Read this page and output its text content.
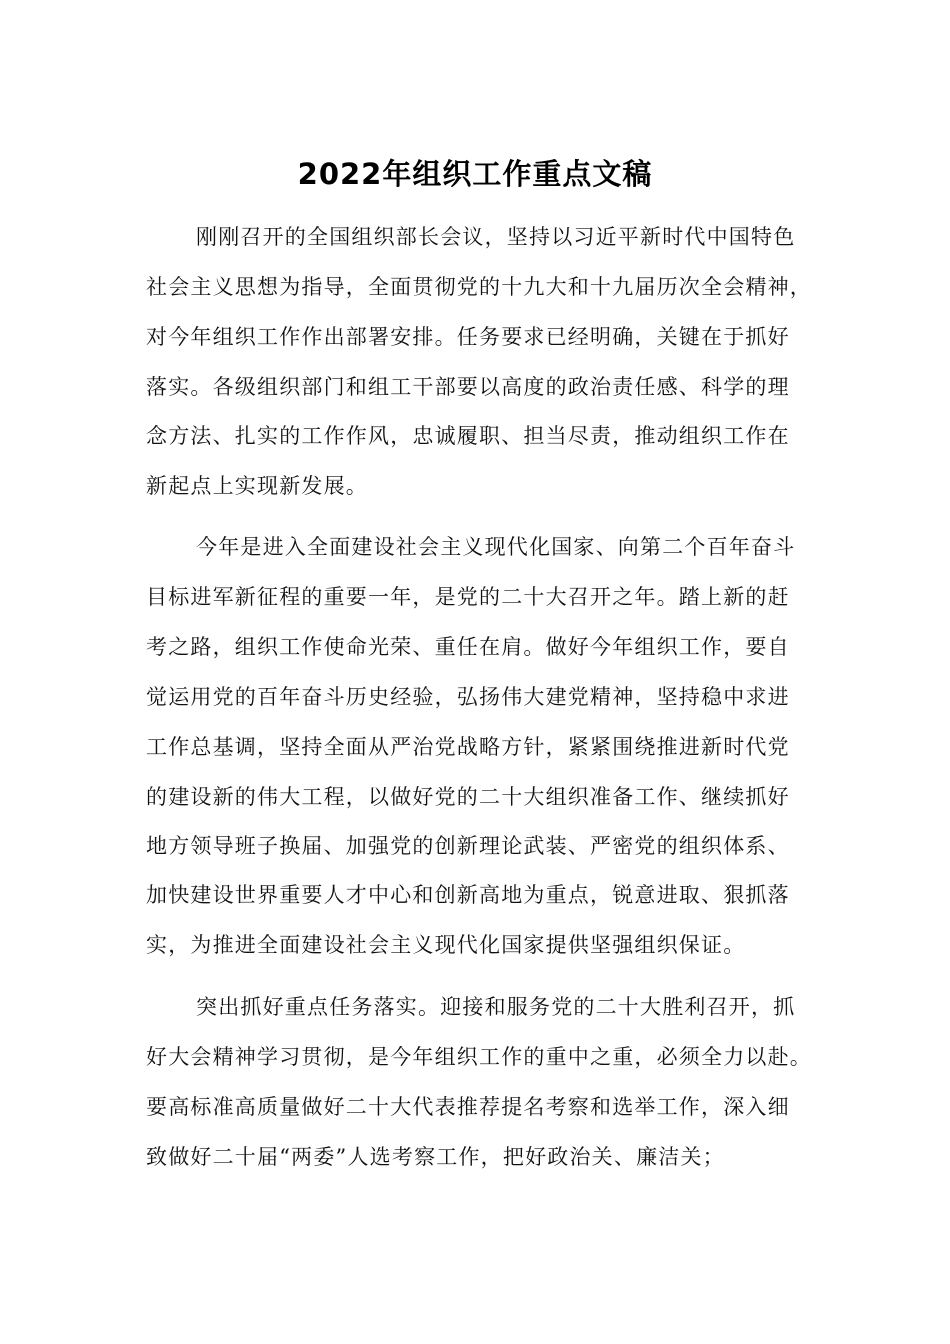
2022年组织工作重点文稿
刚刚召开的全国组织部长会议，坚持以习近平新时代中国特色
社会主义思想为指导，全面贯彻党的十九大和十九届历次全会精神，
对今年组织工作作出部署安排。任务要求已经明确，关键在于抓好
落实。各级组织部门和组工干部要以高度的政治责任感、科学的理
念方法、扎实的工作作风，忠诚履职、担当尽责，推动组织工作在
新起点上实现新发展。
今年是进入全面建设社会主义现代化国家、向第二个百年奋斗
目标进军新征程的重要一年，是党的二十大召开之年。踏上新的赶
考之路，组织工作使命光荣、重任在肩。做好今年组织工作，要自
觉运用党的百年奋斗历史经验，弘扬伟大建党精神，坚持稳中求进
工作总基调，坚持全面从严治党战略方针，紧紧围绕推进新时代党
的建设新的伟大工程，以做好党的二十大组织准备工作、继续抓好
地方领导班子换届、加强党的创新理论武装、严密党的组织体系、
加快建设世界重要人才中心和创新高地为重点，锐意进取、狠抓落
实，为推进全面建设社会主义现代化国家提供坚强组织保证。
突出抓好重点任务落实。迎接和服务党的二十大胜利召开，抓
好大会精神学习贯彻，是今年组织工作的重中之重，必须全力以赴。
要高标准高质量做好二十大代表推荐提名考察和选举工作，深入细
致做好二十届“两委”人选考察工作，把好政治关、廉洁关；
